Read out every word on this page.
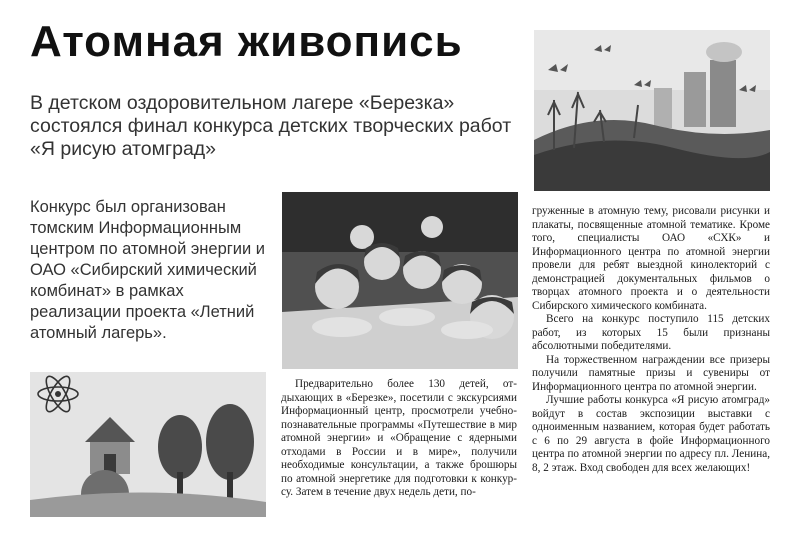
Атомная живопись
В детском оздоровительном лагере «Березка» состоялся финал конкурса детских творческих работ «Я рисую атомград»
Конкурс был организован томским Информационным центром по атомной энергии и ОАО «Сибирский химический комбинат» в рамках реализации проекта «Летний атомный лагерь».

Предварительно более 130 детей, отдыхающих в «Березке», посетили с экскурсиями Информационный центр, просмотрели учебно-познавательные программы «Путешествие в мир атомной энергии» и «Обращение с ядерными отходами в России и в мире», получили необходимые консультации, а также брошюры по атомной энергетике для подготовки к конкурсу. Затем в течение двух недель дети, по-

груженные в атомную тему, рисовали рисунки и плакаты, посвященные атомной тематике. Кроме того, специалисты ОАО «СХК» и Информационного центра по атомной энергии провели для ребят выездной кинолекторий с демонстрацией документальных фильмов о творцах атомного проекта и о деятельности Сибирского химического комбината.

Всего на конкурс поступило 115 детских работ, из которых 15 были признаны абсолютными победителями.

На торжественном награждении все призеры получили памятные призы и сувениры от Информационного центра по атомной энергии.

Лучшие работы конкурса «Я рисую атомград» войдут в состав экспозиции выставки с одноименным названием, которая будет работать с 6 по 29 августа в фойе Информационного центра по атомной энергии по адресу пл. Ленина, 8, 2 этаж. Вход свободен для всех желающих!
